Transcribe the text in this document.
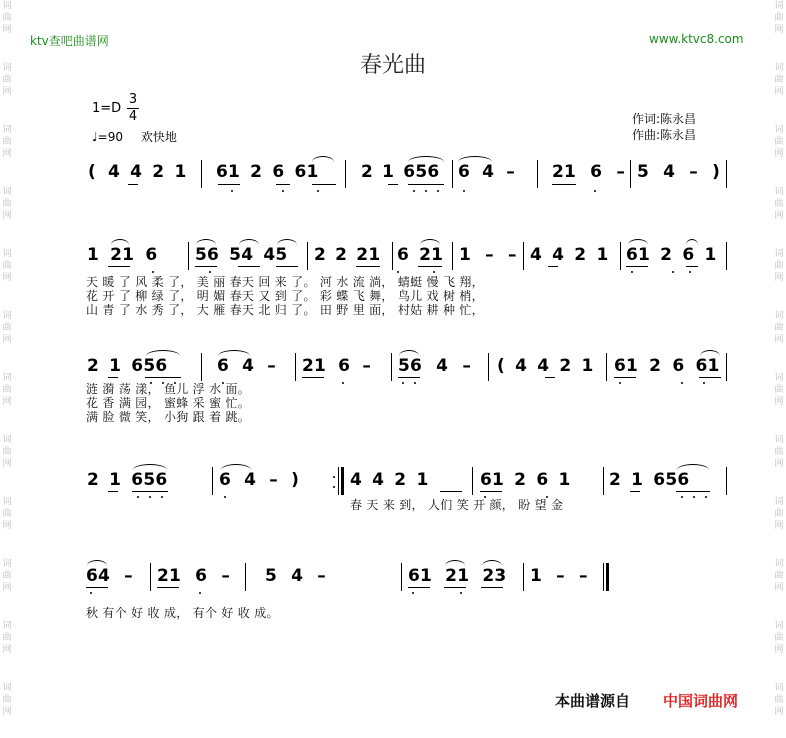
词
曲
网
词
曲
网
词
曲
网
词
曲
网
词
曲
网
词
曲
网
词
曲
网
词
曲
网
词
曲
网
词
曲
网
词
曲
网
词
曲
网
词
曲
网
词
曲
网
词
曲
网
词
曲
网
词
曲
网
词
曲
网
词
曲
网
词
曲
网
词
曲
网
词
曲
网
词
曲
网
词
曲
网
ktv查吧曲谱网	www.ktvc8.com
春光曲
1=D
3
4
♩=90 欢快地
作词:陈永昌
作曲:陈永昌
( 4 4 2 1 61 2 6 61 2 1 656 6 4 – 21 6 – 5 4 – )
1 21 6 56 54 45 2 2 21 6 21 1 – – 4 4 2 1 61 2 6 1
天 暖 了 风 柔 了， 美 丽 春天 回 来 了。 河 水 流 淌， 蜻蜓 慢 飞 翔，
花 开 了 柳 绿 了， 明 媚 春天 又 到 了。 彩 蝶 飞 舞， 鸟儿 戏 树 梢，
山 青 了 水 秀 了， 大 雁 春天 北 归 了。 田 野 里 面， 村姑 耕 种 忙，
2 1 656	6 4 – 21 6 – 56 4 – ( 4 4 2 1 61 2 6 61
涟 漪 荡 漾， 鱼儿 浮 水 面。
花 香 满 园， 蜜蜂 采 蜜 忙。
满 脸 微 笑， 小狗 跟 着 跳。
2 1 656	6 4 – )	4 4 2 1	61 2 6 1 2 1 656
春 天 来 到， 人们 笑 开 颜， 盼 望 金
64 – 21 6 – 5 4 –	61 21 23 1 – –
秋 有个 好 收 成， 有个 好 收 成。
本曲谱源自 中国词曲网
